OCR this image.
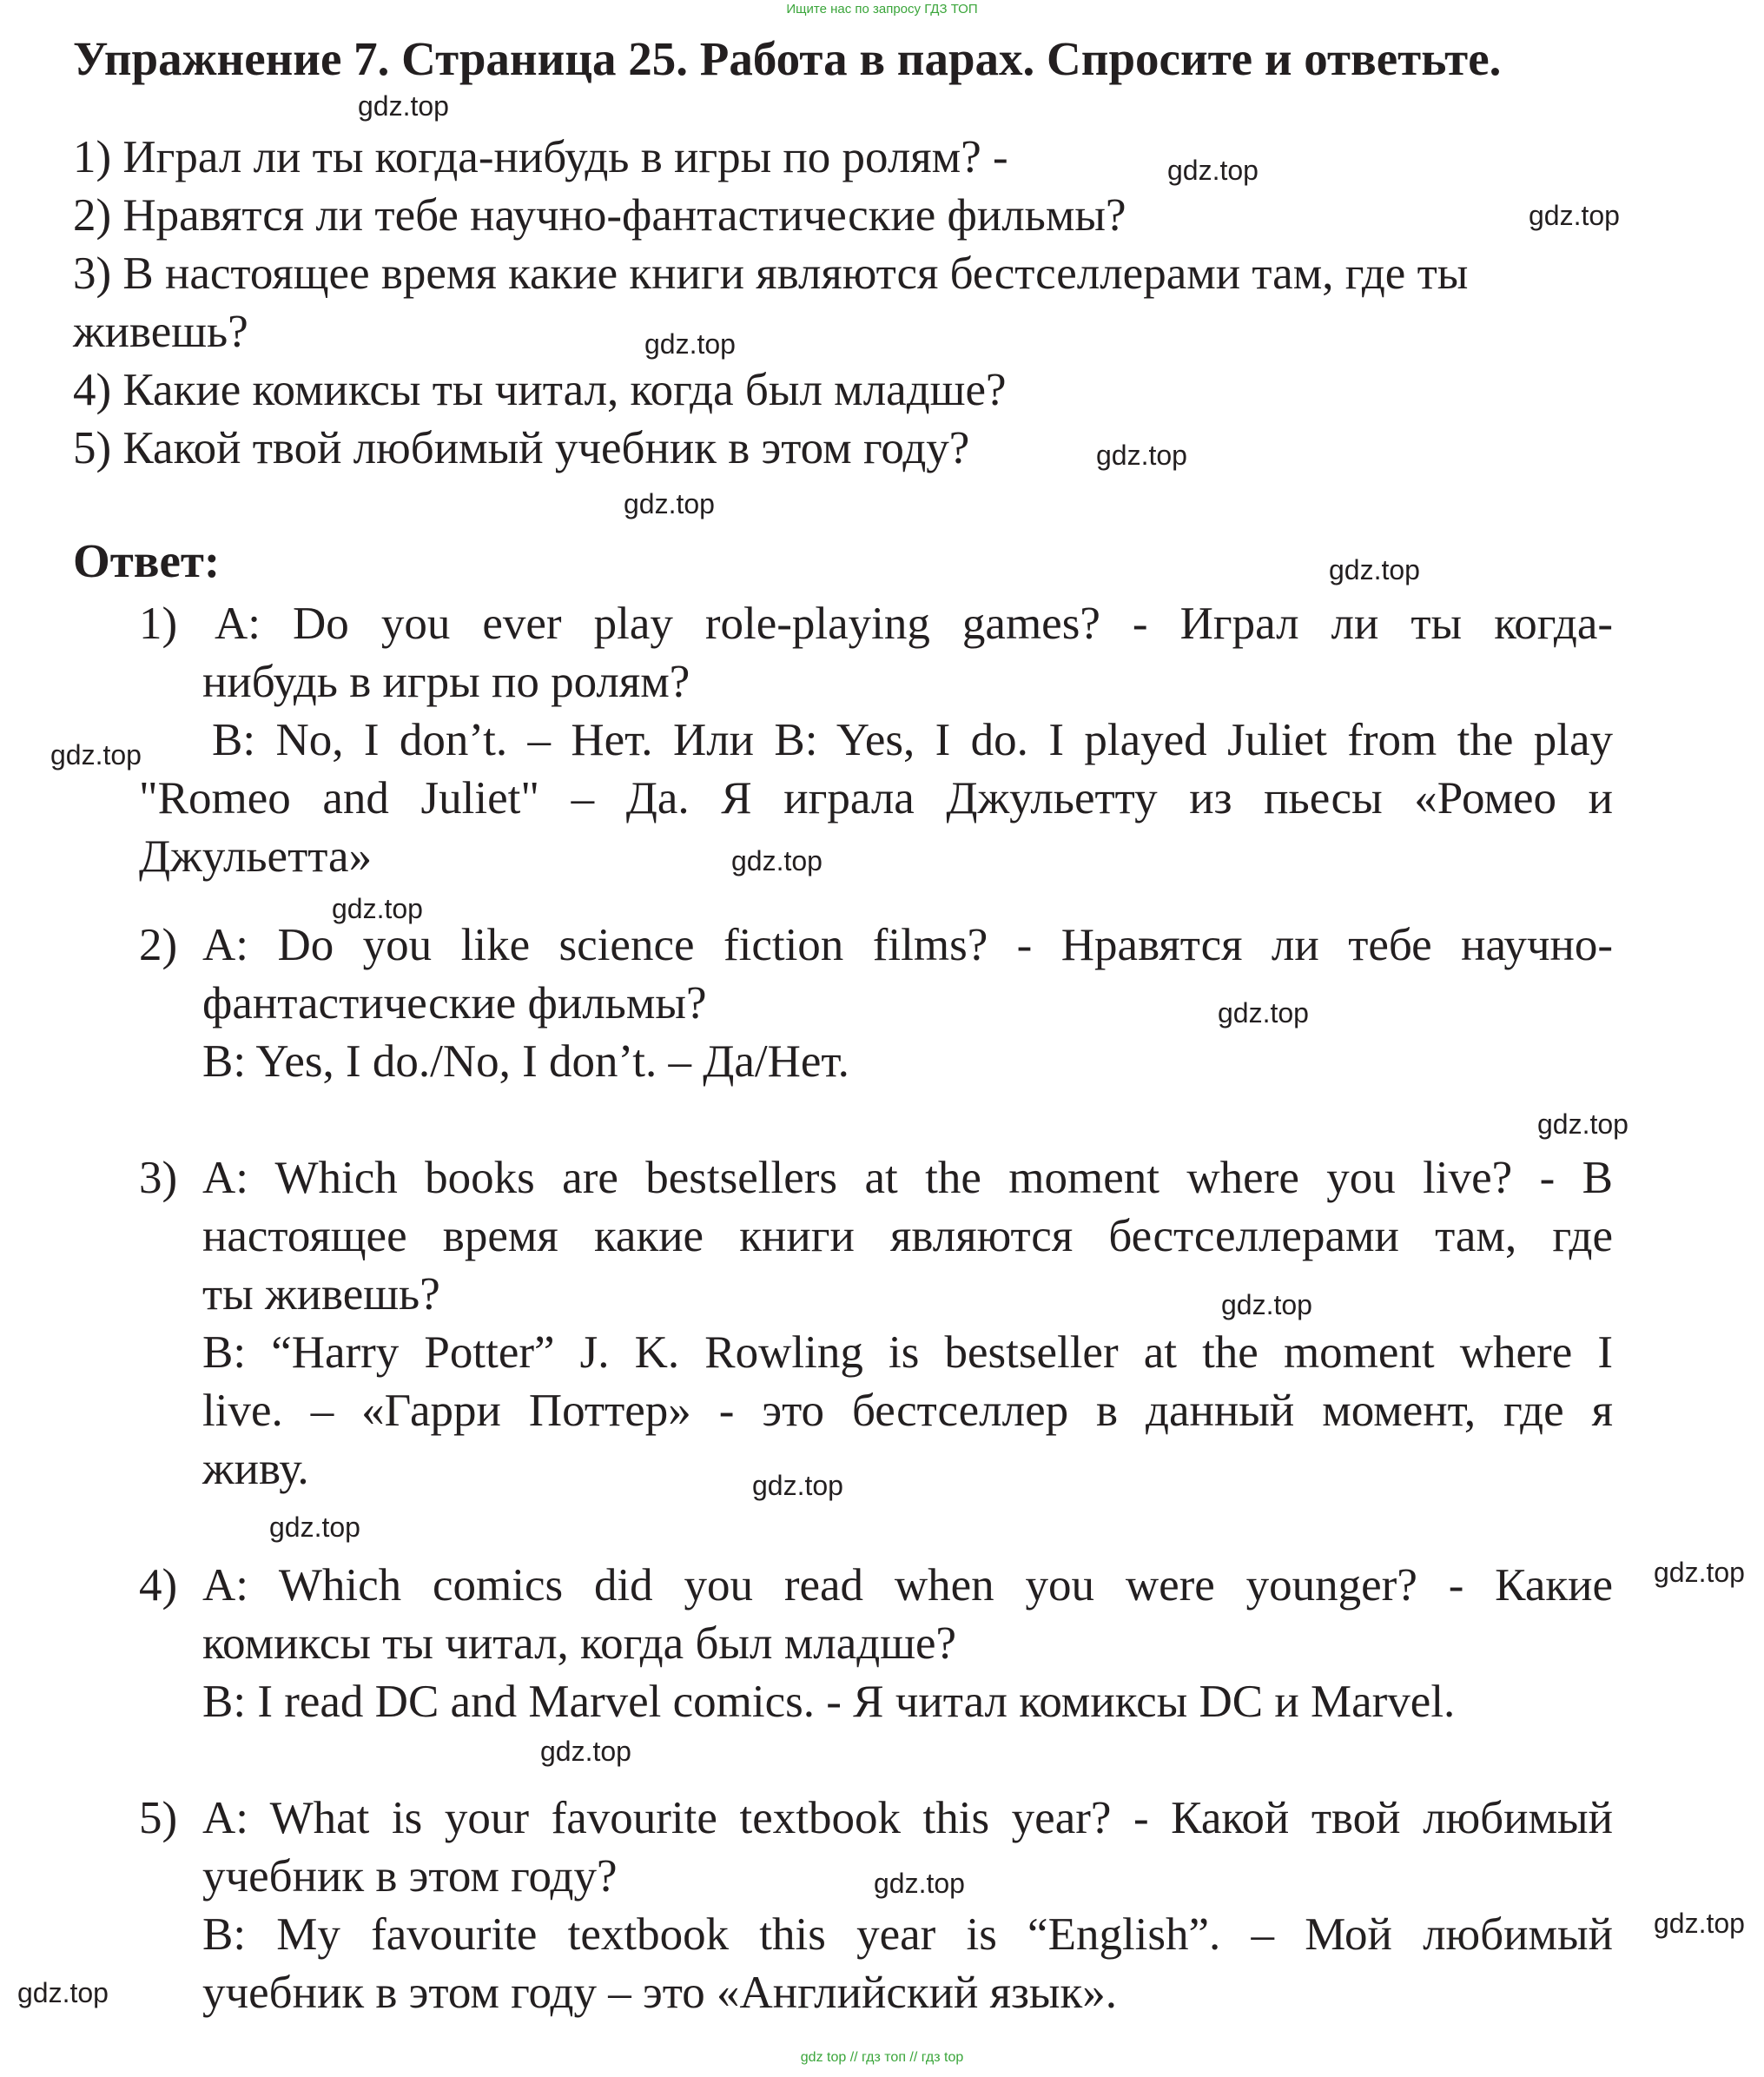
Ищите нас по запросу ГДЗ ТОП
Упражнение 7. Страница 25. Работа в парах. Спросите и ответьте.
1) Играл ли ты когда-нибудь в игры по ролям? -
2) Нравятся ли тебе научно-фантастические фильмы?
3) В настоящее время какие книги являются бестселлерами там, где ты
живешь?
4) Какие комиксы ты читал, когда был младше?
5) Какой твой любимый учебник в этом году?
Ответ:
1) A: Do you ever play role-playing games? - Играл ли ты когда-
нибудь в игры по ролям?
B: No, I don’t. – Нет. Или B: Yes, I do. I played Juliet from the play
"Romeo and Juliet" – Да. Я играла Джульетту из пьесы «Ромео и
Джульетта»
2) A: Do you like science fiction films? - Нравятся ли тебе научно-
фантастические фильмы?
B: Yes, I do./No, I don’t. – Да/Нет.
3) A: Which books are bestsellers at the moment where you live? - В
настоящее время какие книги являются бестселлерами там, где
ты живешь?
B: “Harry Potter” J. K. Rowling is bestseller at the moment where I
live. – «Гарри Поттер» - это бестселлер в данный момент, где я
живу.
4) A: Which comics did you read when you were younger? - Какие
комиксы ты читал, когда был младше?
B: I read DC and Marvel comics. - Я читал комиксы DC и Marvel.
5) A: What is your favourite textbook this year? - Какой твой любимый
учебник в этом году?
B: My favourite textbook this year is “English”. – Мой любимый
учебник в этом году – это «Английский язык».
gdz.top
gdz.top
gdz.top
gdz.top
gdz.top
gdz.top
gdz.top
gdz.top
gdz.top
gdz.top
gdz.top
gdz.top
gdz.top
gdz.top
gdz.top
gdz.top
gdz.top
gdz.top
gdz.top
gdz.top
gdz top // гдз топ // гдз top
